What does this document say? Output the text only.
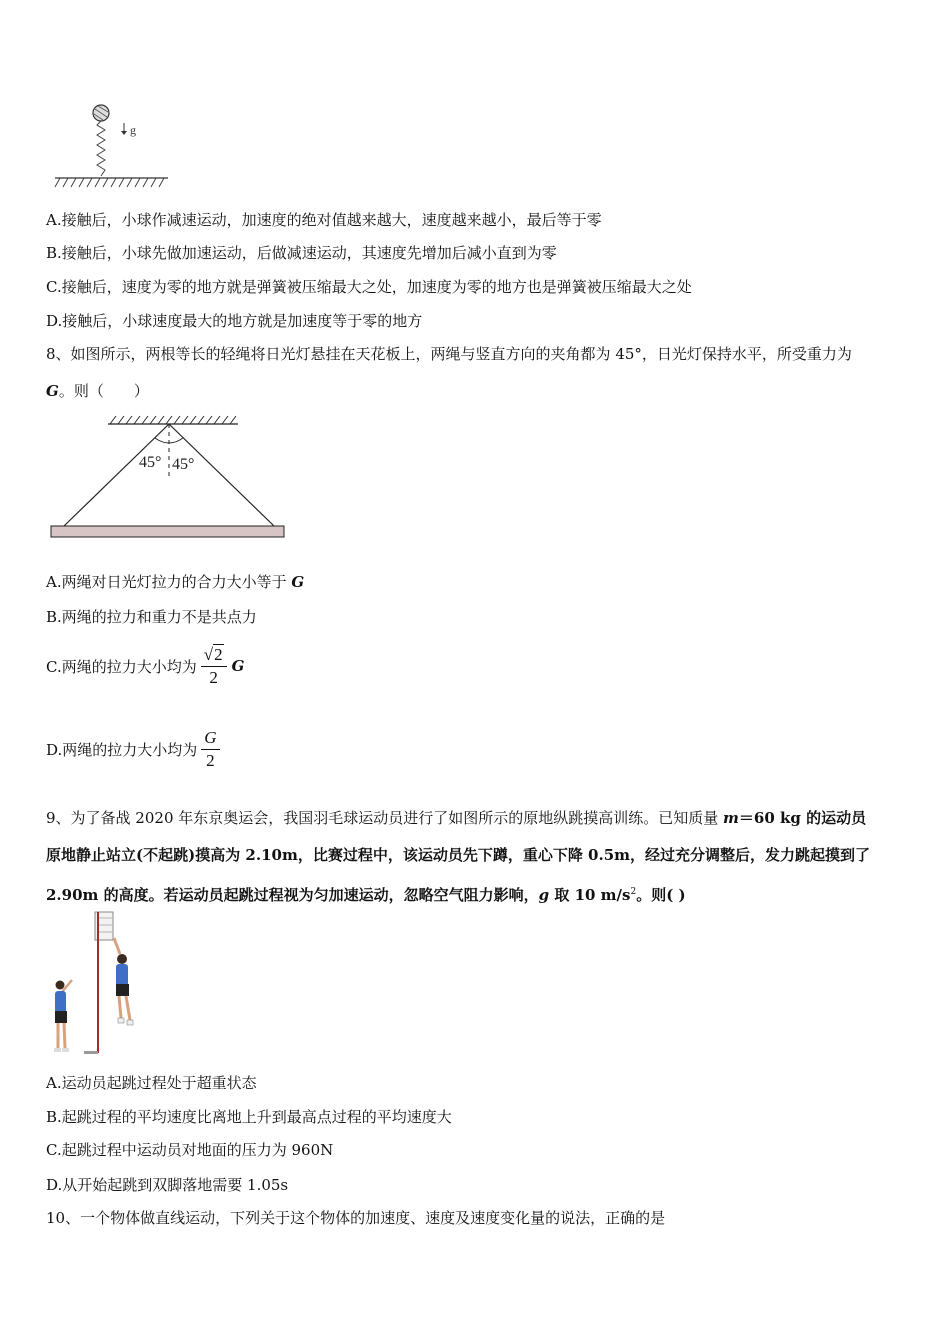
g
A.接触后，小球作减速运动，加速度的绝对值越来越大，速度越来越小，最后等于零
B.接触后，小球先做加速运动，后做减速运动，其速度先增加后减小直到为零
C.接触后，速度为零的地方就是弹簧被压缩最大之处，加速度为零的地方也是弹簧被压缩最大之处
D.接触后，小球速度最大的地方就是加速度等于零的地方
8、如图所示，两根等长的轻绳将日光灯悬挂在天花板上，两绳与竖直方向的夹角都为 45°，日光灯保持水平，所受重力为
G。则（　　）
45° 45°
A.两绳对日光灯拉力的合力大小等于 G
B.两绳的拉力和重力不是共点力
C.两绳的拉力大小均为 $\frac{√2}{2}$ G
D.两绳的拉力大小均为 $\frac{G}{2}$
9、为了备战 2020 年东京奥运会，我国羽毛球运动员进行了如图所示的原地纵跳摸高训练。已知质量 m＝60 kg 的运动员
原地静止站立(不起跳)摸高为 2.10m，比赛过程中，该运动员先下蹲，重心下降 0.5m，经过充分调整后，发力跳起摸到了
2.90m 的高度。若运动员起跳过程视为匀加速运动，忽略空气阻力影响，g 取 10 $m/s^2$。则( )
A.运动员起跳过程处于超重状态
B.起跳过程的平均速度比离地上升到最高点过程的平均速度大
C.起跳过程中运动员对地面的压力为 960N
D.从开始起跳到双脚落地需要 1.05s
10、一个物体做直线运动，下列关于这个物体的加速度、速度及速度变化量的说法，正确的是
